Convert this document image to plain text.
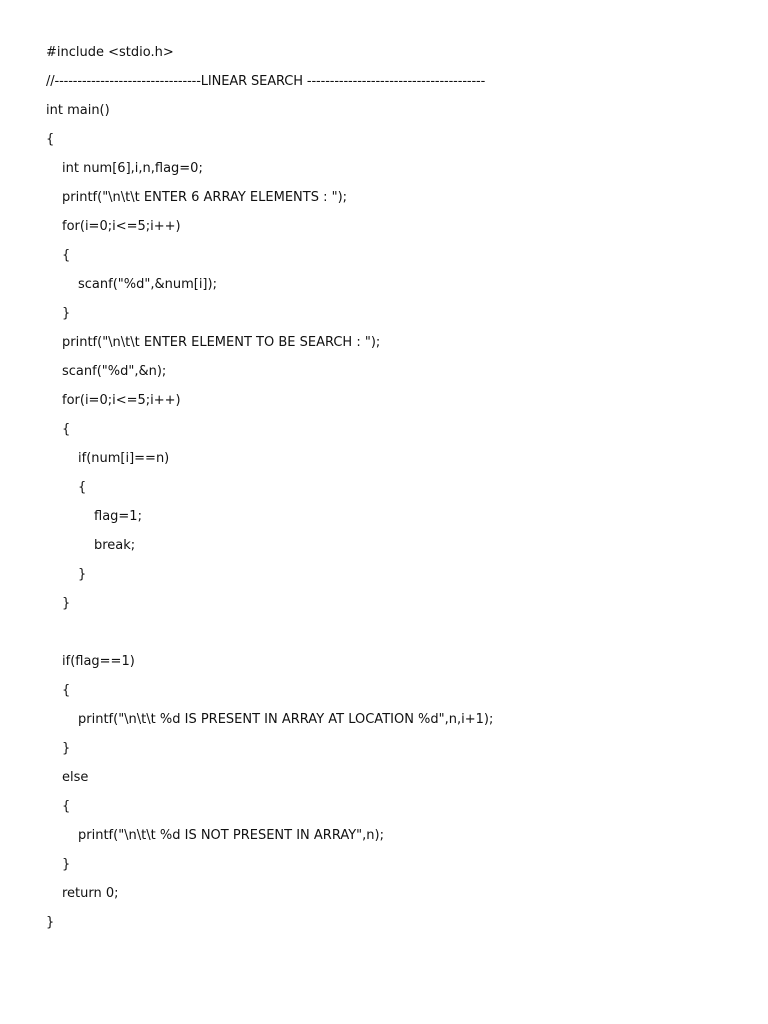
#include <stdio.h>
//--------------------------------LINEAR SEARCH ---------------------------------------
int main()
{
int num[6],i,n,flag=0;
printf("\n\t\t ENTER 6 ARRAY ELEMENTS : ");
for(i=0;i<=5;i++)
{
scanf("%d",&num[i]);
}
printf("\n\t\t ENTER ELEMENT TO BE SEARCH : ");
scanf("%d",&n);
for(i=0;i<=5;i++)
{
if(num[i]==n)
{
flag=1;
break;
}
}
if(flag==1)
{
printf("\n\t\t %d IS PRESENT IN ARRAY AT LOCATION %d",n,i+1);
}
else
{
printf("\n\t\t %d IS NOT PRESENT IN ARRAY",n);
}
return 0;
}
